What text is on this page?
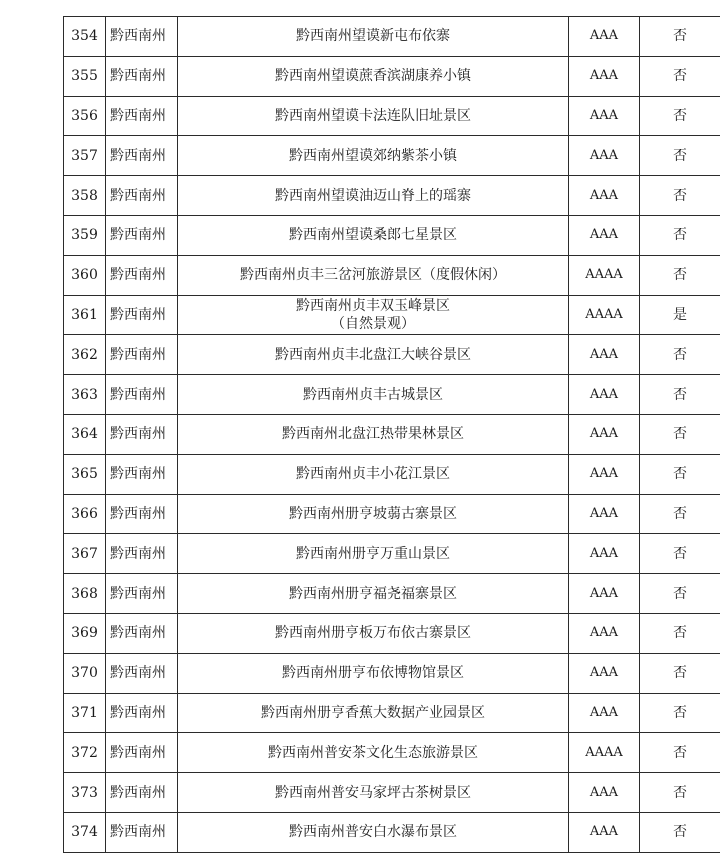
354	黔西南州	黔西南州望谟新屯布依寨	AAA	否
355	黔西南州	黔西南州望谟蔗香滨湖康养小镇	AAA	否
356	黔西南州	黔西南州望谟卡法连队旧址景区	AAA	否
357	黔西南州	黔西南州望谟郊纳紫茶小镇	AAA	否
358	黔西南州	黔西南州望谟油迈山脊上的瑶寨	AAA	否
359	黔西南州	黔西南州望谟桑郎七星景区	AAA	否
360	黔西南州	黔西南州贞丰三岔河旅游景区（度假休闲）	AAAA	否
361	黔西南州	黔西南州贞丰双玉峰景区
（自然景观）	AAAA	是
362	黔西南州	黔西南州贞丰北盘江大峡谷景区	AAA	否
363	黔西南州	黔西南州贞丰古城景区	AAA	否
364	黔西南州	黔西南州北盘江热带果林景区	AAA	否
365	黔西南州	黔西南州贞丰小花江景区	AAA	否
366	黔西南州	黔西南州册亨坡蒻古寨景区	AAA	否
367	黔西南州	黔西南州册亨万重山景区	AAA	否
368	黔西南州	黔西南州册亨福尧福寨景区	AAA	否
369	黔西南州	黔西南州册亨板万布依古寨景区	AAA	否
370	黔西南州	黔西南州册亨布依博物馆景区	AAA	否
371	黔西南州	黔西南州册亨香蕉大数据产业园景区	AAA	否
372	黔西南州	黔西南州普安茶文化生态旅游景区	AAAA	否
373	黔西南州	黔西南州普安马家坪古茶树景区	AAA	否
374	黔西南州	黔西南州普安白水瀑布景区	AAA	否
